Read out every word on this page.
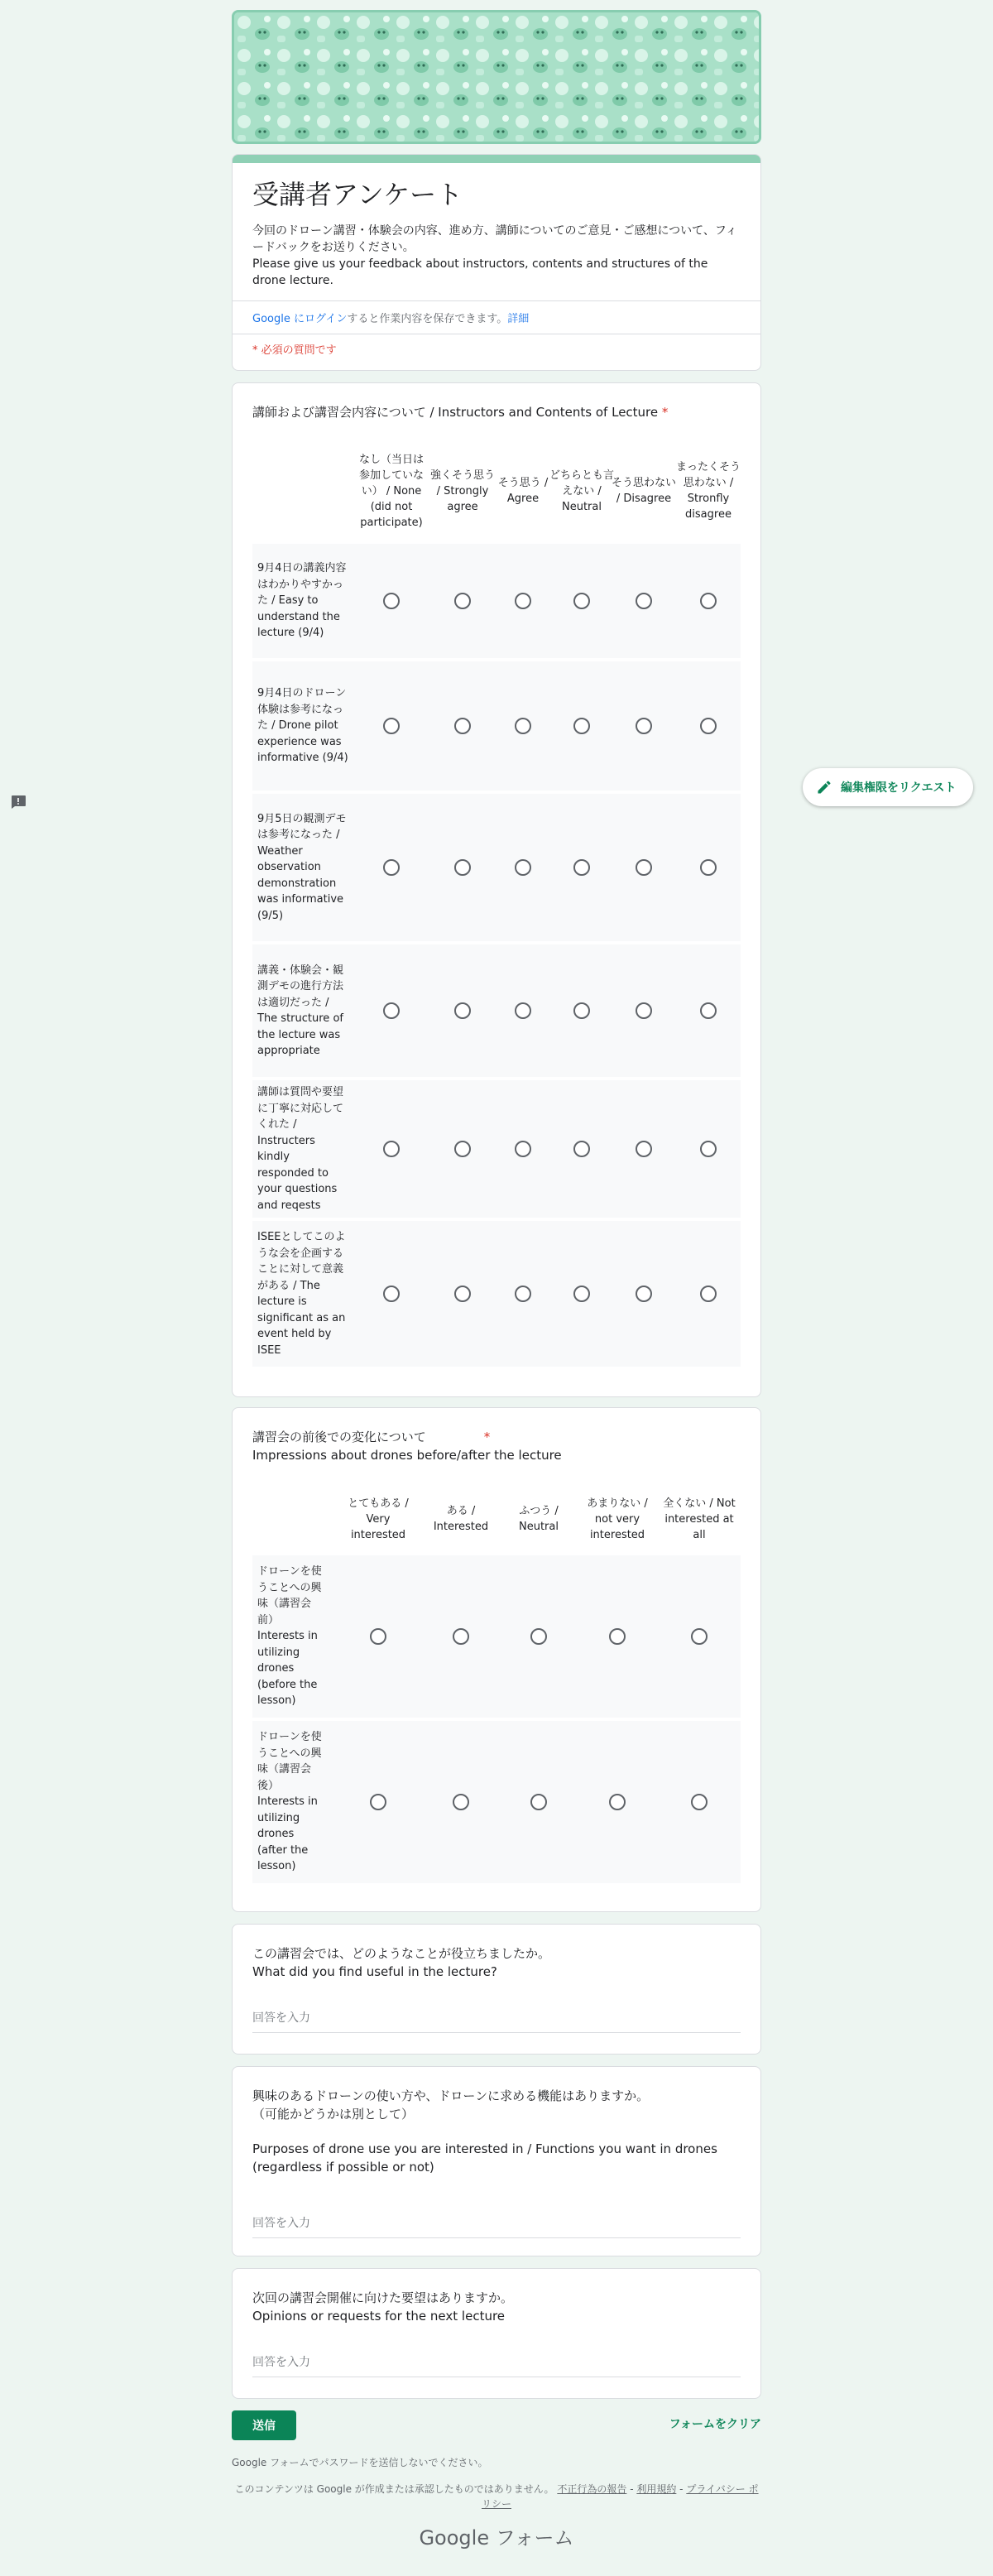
受講者アンケート
今回のドローン講習・体験会の内容、進め方、講師についてのご意見・ご感想について、フィードバックをお送りください。
Please give us your feedback about instructors, contents and structures of the drone lecture.
Google にログインすると作業内容を保存できます。詳細
* 必須の質問です
講師および講習会内容について / Instructors and Contents of Lecture *
なし（当日は参加していない） / None (did not participate)
強くそう思う / Strongly agree
そう思う / Agree
どちらとも言えない / Neutral
そう思わない / Disagree
まったくそう思わない / Stronfly disagree
9月4日の講義内容はわかりやすかった / Easy to understand the lecture (9/4)
9月4日のドローン体験は参考になった / Drone pilot experience was informative (9/4)
9月5日の観測デモは参考になった / Weather observation demonstration was informative (9/5)
講義・体験会・観測デモの進行方法は適切だった / The structure of the lecture was appropriate
講師は質問や要望に丁寧に対応してくれた / Instructers kindly responded to your questions and reqests
ISEEとしてこのような会を企画することに対して意義がある / The lecture is significant as an event held by ISEE
講習会の前後での変化について	*
Impressions about drones before/after the lecture
とてもある / Very interested
ある / Interested
ふつう / Neutral
あまりない / not very interested
全くない / Not interested at all
ドローンを使うことへの興味（講習会前） Interests in utilizing drones (before the lesson)
ドローンを使うことへの興味（講習会後） Interests in utilizing drones (after the lesson)
この講習会では、どのようなことが役立ちましたか。
What did you find useful in the lecture?
回答を入力
興味のあるドローンの使い方や、ドローンに求める機能はありますか。
（可能かどうかは別として）
Purposes of drone use you are interested in / Functions you want in drones (regardless if possible or not)
回答を入力
次回の講習会開催に向けた要望はありますか。
Opinions or requests for the next lecture
回答を入力
送信	フォームをクリア
Google フォームでパスワードを送信しないでください。
このコンテンツは Google が作成または承認したものではありません。 不正行為の報告 - 利用規約 - プライバシー ポリシー
Google フォーム
編集権限をリクエスト
